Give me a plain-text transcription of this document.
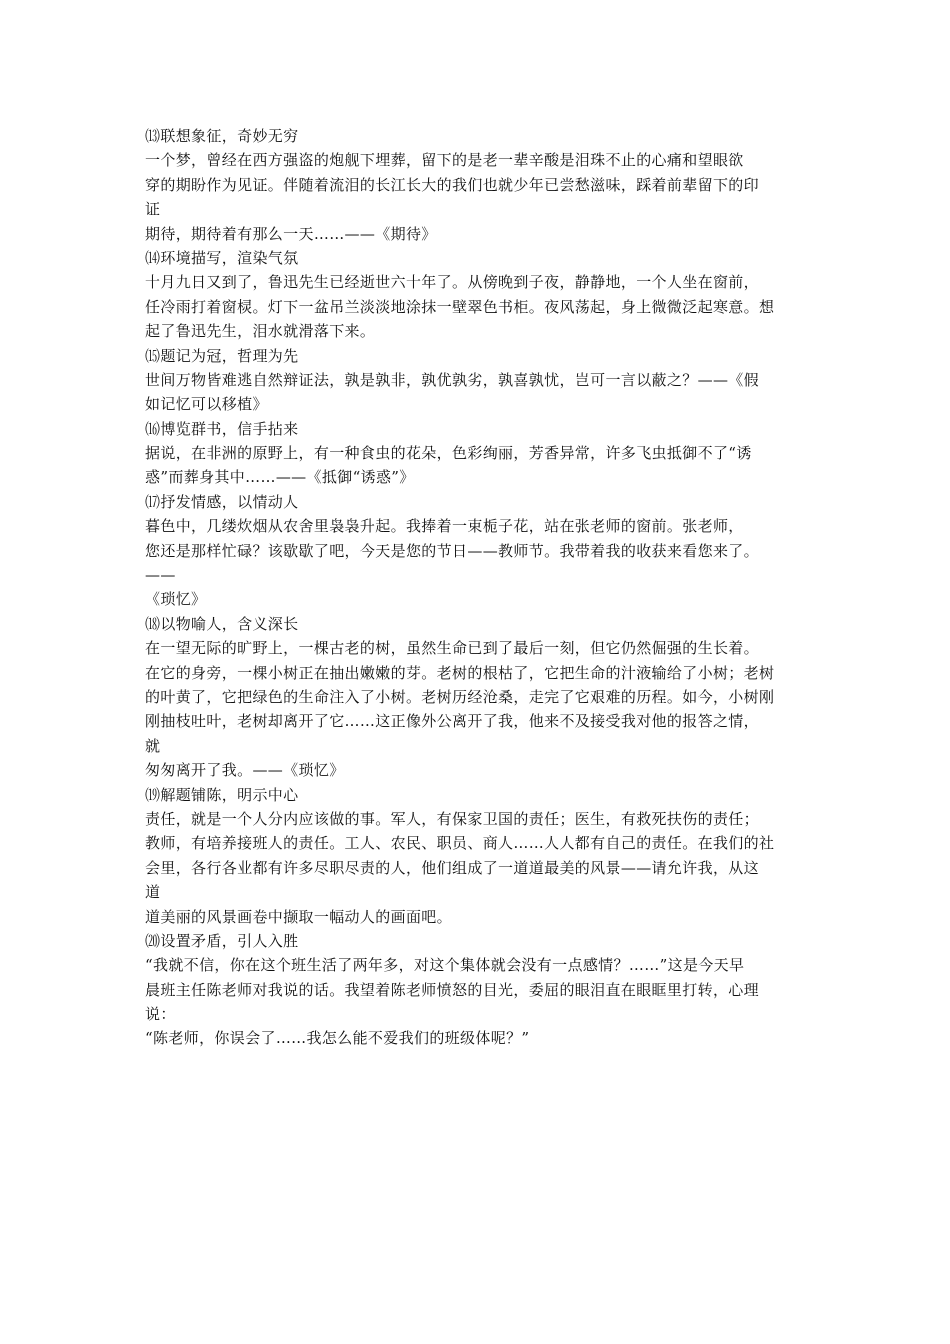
⒀联想象征，奇妙无穷
一个梦，曾经在西方强盗的炮舰下埋葬，留下的是老一辈辛酸是泪珠不止的心痛和望眼欲
穿的期盼作为见证。伴随着流泪的长江长大的我们也就少年已尝愁滋味，踩着前辈留下的印
证
期待，期待着有那么一天……——《期待》
⒁环境描写，渲染气氛
十月九日又到了，鲁迅先生已经逝世六十年了。从傍晚到子夜，静静地，一个人坐在窗前，
任冷雨打着窗棂。灯下一盆吊兰淡淡地涂抹一壁翠色书柜。夜风荡起，身上微微泛起寒意。想
起了鲁迅先生，泪水就滑落下来。
⒂题记为冠，哲理为先
世间万物皆难逃自然辩证法，孰是孰非，孰优孰劣，孰喜孰忧，岂可一言以蔽之？——《假
如记忆可以移植》
⒃博览群书，信手拈来
据说，在非洲的原野上，有一种食虫的花朵，色彩绚丽，芳香异常，许多飞虫抵御不了“诱
惑”而葬身其中……——《抵御“诱惑”》
⒄抒发情感，以情动人
暮色中，几缕炊烟从农舍里袅袅升起。我捧着一束栀子花，站在张老师的窗前。张老师，
您还是那样忙碌？该歇歇了吧，今天是您的节日——教师节。我带着我的收获来看您来了。
——
《琐忆》
⒅以物喻人，含义深长
在一望无际的旷野上，一棵古老的树，虽然生命已到了最后一刻，但它仍然倔强的生长着。
在它的身旁，一棵小树正在抽出嫩嫩的芽。老树的根枯了，它把生命的汁液输给了小树；老树
的叶黄了，它把绿色的生命注入了小树。老树历经沧桑，走完了它艰难的历程。如今，小树刚
刚抽枝吐叶，老树却离开了它……这正像外公离开了我，他来不及接受我对他的报答之情，
就
匆匆离开了我。——《琐忆》
⒆解题铺陈，明示中心
责任，就是一个人分内应该做的事。军人，有保家卫国的责任；医生，有救死扶伤的责任；
教师，有培养接班人的责任。工人、农民、职员、商人……人人都有自己的责任。在我们的社
会里，各行各业都有许多尽职尽责的人，他们组成了一道道最美的风景——请允许我，从这
道
道美丽的风景画卷中撷取一幅动人的画面吧。
⒇设置矛盾，引人入胜
“我就不信，你在这个班生活了两年多，对这个集体就会没有一点感情？……”这是今天早
晨班主任陈老师对我说的话。我望着陈老师愤怒的目光，委屈的眼泪直在眼眶里打转，心理
说：
“陈老师，你误会了……我怎么能不爱我们的班级体呢？”
